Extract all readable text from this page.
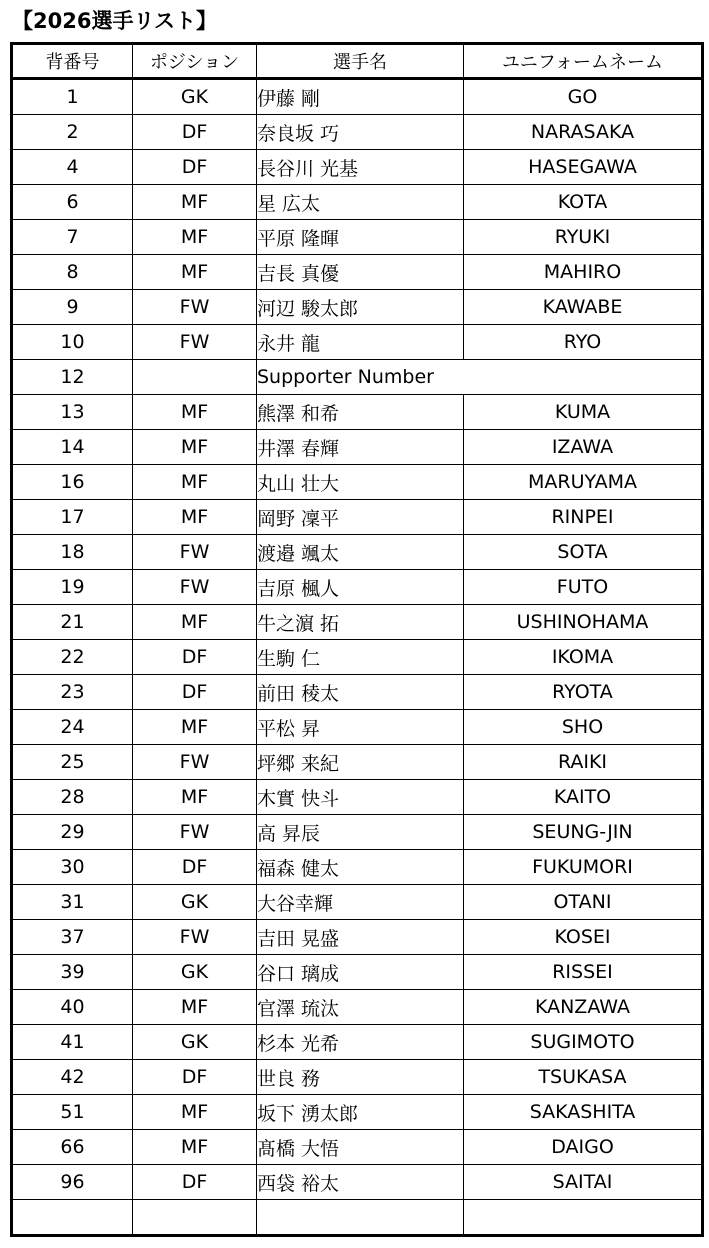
【2026選手リスト】
背番号	ポジション	選手名	ユニフォームネーム
1	GK	伊藤 剛	GO
2	DF	奈良坂 巧	NARASAKA
4	DF	長谷川 光基	HASEGAWA
6	MF	星 広太	KOTA
7	MF	平原 隆暉	RYUKI
8	MF	吉長 真優	MAHIRO
9	FW	河辺 駿太郎	KAWABE
10	FW	永井 龍	RYO
12		Supporter Number	
13	MF	熊澤 和希	KUMA
14	MF	井澤 春輝	IZAWA
16	MF	丸山 壮大	MARUYAMA
17	MF	岡野 凜平	RINPEI
18	FW	渡邉 颯太	SOTA
19	FW	吉原 楓人	FUTO
21	MF	牛之濵 拓	USHINOHAMA
22	DF	生駒 仁	IKOMA
23	DF	前田 稜太	RYOTA
24	MF	平松 昇	SHO
25	FW	坪郷 来紀	RAIKI
28	MF	木實 快斗	KAITO
29	FW	高 昇辰	SEUNG-JIN
30	DF	福森 健太	FUKUMORI
31	GK	大谷幸輝	OTANI
37	FW	吉田 晃盛	KOSEI
39	GK	谷口 璃成	RISSEI
40	MF	官澤 琉汰	KANZAWA
41	GK	杉本 光希	SUGIMOTO
42	DF	世良 務	TSUKASA
51	MF	坂下 湧太郎	SAKASHITA
66	MF	髙橋 大悟	DAIGO
96	DF	西袋 裕太	SAITAI
